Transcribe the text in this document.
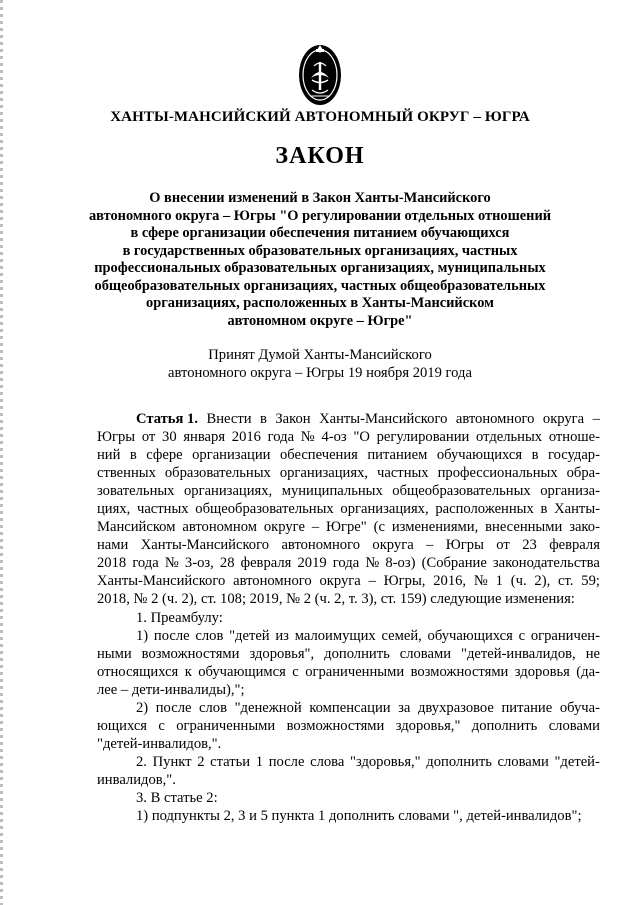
ХАНТЫ-МАНСИЙСКИЙ АВТОНОМНЫЙ ОКРУГ – ЮГРА
ЗАКОН
О внесении изменений в Закон Ханты-Мансийского
автономного округа – Югры "О регулировании отдельных отношений
в сфере организации обеспечения питанием обучающихся
в государственных образовательных организациях, частных
профессиональных образовательных организациях, муниципальных
общеобразовательных организациях, частных общеобразовательных
организациях, расположенных в Ханты-Мансийском
автономном округе – Югре"
Принят Думой Ханты-Мансийского
автономного округа – Югры 19 ноября 2019 года
Статья 1. Внести в Закон Ханты-Мансийского автономного округа –
Югры от 30 января 2016 года № 4-оз "О регулировании отдельных отноше-
ний в сфере организации обеспечения питанием обучающихся в государ-
ственных образовательных организациях, частных профессиональных обра-
зовательных организациях, муниципальных общеобразовательных организа-
циях, частных общеобразовательных организациях, расположенных в Ханты-
Мансийском автономном округе – Югре" (с изменениями, внесенными зако-
нами Ханты-Мансийского автономного округа – Югры от 23 февраля
2018 года № 3-оз, 28 февраля 2019 года № 8-оз) (Собрание законодательства
Ханты-Мансийского автономного округа – Югры, 2016, № 1 (ч. 2), ст. 59;
2018, № 2 (ч. 2), ст. 108; 2019, № 2 (ч. 2, т. 3), ст. 159) следующие изменения:
1. Преамбулу:
1) после слов "детей из малоимущих семей, обучающихся с ограничен-
ными возможностями здоровья", дополнить словами "детей-инвалидов, не
относящихся к обучающимся с ограниченными возможностями здоровья (да-
лее – дети-инвалиды),";
2) после слов "денежной компенсации за двухразовое питание обуча-
ющихся с ограниченными возможностями здоровья," дополнить словами
"детей-инвалидов,".
2. Пункт 2 статьи 1 после слова "здоровья," дополнить словами "детей-
инвалидов,".
3. В статье 2:
1) подпункты 2, 3 и 5 пункта 1 дополнить словами ", детей-инвалидов";
